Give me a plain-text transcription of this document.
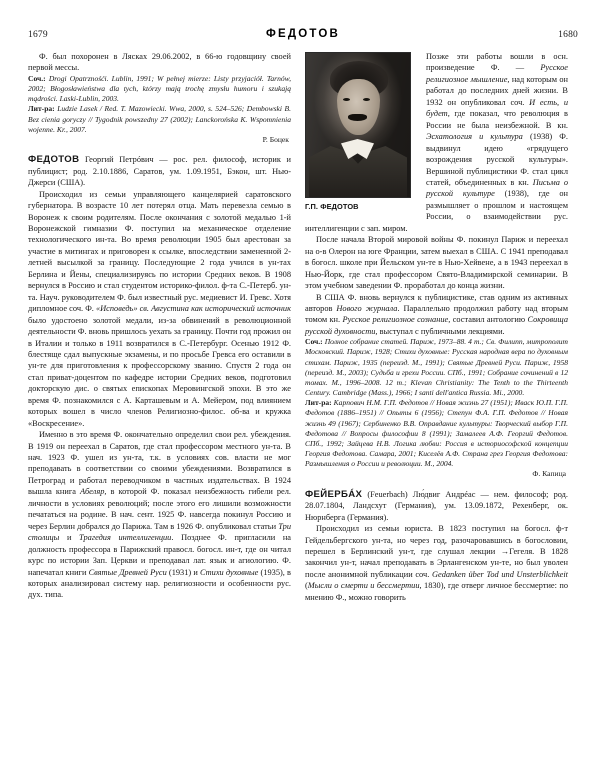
1679	ФЕДОТОВ	1680

Ф. был похоронен в Лясках 29.06.2002, в 66-ю годовщину своей первой мессы.

Соч.: Drogi Opatrznośći. Lublin, 1991; W pełnej mierze: Listy przyjaciół. Tarnów, 2002; Błogosławieństwa dla tych, którzy mają trochę zmysłu humoru i szukają mądrości. Laski-Lublin, 2003.

Лит-ра: Ludzie Lasek / Red. T. Mazowiecki. Wwa, 2000, s. 524–526; Dembowski B. Bez cienia goryczy // Tygodnik powszedny 27 (2002); Lanckorońska K. Wspomnienia wojenne. Kr., 2007.

Р. Боцек

ФЕДОТОВ Георгий Петрóвич — рос. рел. философ, историк и публицист; род. 2.10.1886, Саратов, ум. 1.09.1951, Бэкон, шт. Нью-Джерси (США).

Происходил из семьи управляющего канцелярией саратовского губернатора. В возрасте 10 лет потерял отца. Мать перевезла семью в Воронеж к своим родителям. После окончания с золотой медалью 1-й Воронежской гимназии Ф. поступил на механическое отделение технологического ин-та. Во время революции 1905 был арестован за участие в митингах и приговорен к ссылке, впоследствии замененной 2-летней высылкой за границу. Последующие 2 года учился в ун-тах Берлина и Йены, специализируясь по истории Средних веков. В 1908 вернулся в Россию и стал студентом историко-филол. ф-та С.-Петерб. ун-та. Науч. руководителем Ф. был известный рус. медиевист И. Гревс. Хотя дипломное соч. Ф. «Исповедь» св. Августина как исторический источник было удостоено золотой медали, из-за обвинений в революционной деятельности Ф. вновь пришлось уехать за границу. Почти год прожил он в Италии и только в 1911 возвратился в С.-Петербург. Осенью 1912 Ф. блестяще сдал выпускные экзамены, и по просьбе Гревса его оставили в ун-те для приготовления к профессорскому званию. Спустя 2 года он стал приват-доцентом по кафедре истории Средних веков, подготовил докторскую дис. о святых епископах Меровингской эпохи. В это же время Ф. познакомился с А. Карташевым и А. Мейером, под влиянием которых вошел в число членов Религиозно-филос. об-ва и кружка «Воскресение».

Именно в это время Ф. окончательно определил свои рел. убеждения. В 1919 он переехал в Саратов, где стал профессором местного ун-та. В нач. 1923 Ф. ушел из ун-та, т.к. в условиях сов. власти не мог преподавать в соответствии со своими убеждениями. Возвратился в Петроград и работал переводчиком в частных издательствах. В 1924 вышла книга Абеляр, в которой Ф. показал неизбежность гибели рел. личности в условиях революций; после этого его лишили возможности печататься на родине. В нач. сент. 1925 Ф. навсегда покинул Россию и через Берлин добрался до Парижа. Там в 1926 Ф. опубликовал статьи Три столицы и Трагедия интеллигенции. Позднее Ф. пригласили на должность профессора в Парижский правосл. богосл. ин-т, где он читал курс по истории Зап. Церкви и преподавал лат. язык и агиологию. Ф. напечатал книги Святые Древней Руси (1931) и Стихи духовные (1935), в которых анализировал систему нар. религиозности и особенности рус. дух. типа.

Г.П. ФЕДОТОВ

Позже эти работы вошли в осн. произведение Ф. — Русское религиозное мышление, над которым он работал до последних дней жизни. В 1932 он опубликовал соч. И есть, и будет, где показал, что революция в России не была неизбежной. В кн. Эсхатология и культура (1938) Ф. выдвинул идею «грядущего возрождения русской культуры». Вершиной публицистики Ф. стал цикл статей, объединенных в кн. Письма о русской культуре (1938), где он размышляет о прошлом и настоящем России, о взаимодействии рус. интеллигенции с зап. миром.

После начала Второй мировой войны Ф. покинул Париж и переехал на о-в Олерон на юге Франции, затем выехал в США. С 1941 преподавал в богосл. школе при Йельском ун-те в Нью-Хейвене, а в 1943 переехал в Нью-Йорк, где стал профессором Свято-Владимирской семинарии. В этом учебном заведении Ф. проработал до конца жизни.

В США Ф. вновь вернулся к публицистике, став одним из активных авторов Нового журнала. Параллельно продолжил работу над вторым томом кн. Русское религиозное сознание, составил антологию Сокровища русской духовности, выступал с публичными лекциями.

Соч.: Полное собрание статей. Париж, 1973–88. 4 т.; Св. Филипп, митрополит Московский. Париж, 1928; Стихи духовные: Русская народная вера по духовным стихам. Париж, 1935 (переизд. М., 1991); Святые Древней Руси. Париж, 1958 (переизд. М., 2003); Судьба и грехи России. СПб., 1991; Собрание сочинений в 12 томах. М., 1996–2008. 12 т.; Klevan Christianity: The Tenth to the Thirteenth Century. Cambridge (Mass.), 1966; I santi dell'antica Russia. Mi., 2000.

Лит-ра: Карпович Н.М. Г.П. Федотов // Новая жизнь 27 (1951); Иваск Ю.П. Г.П. Федотов (1886–1951) // Опыты 6 (1956); Степун Ф.А. Г.П. Федотов // Новая жизнь 49 (1967); Сербиненко В.В. Оправдание культуры: Творческий выбор Г.П. Федотова // Вопросы философии 8 (1991); Замалеев А.Ф. Георгий Федотов. СПб., 1992; Зайцева Н.В. Логика любви: Россия в историософской концепции Георгия Федотова. Самара, 2001; Киселёв А.Ф. Страна грез Георгия Федотова: Размышления о России и революции. М., 2004.

Ф. Капица

ФЕЙЕРБÁХ (Feuerbach) Лю́двиг Андрéас — нем. философ; род. 28.07.1804, Ландсхут (Германия), ум. 13.09.1872, Рехенберг, ок. Нюрнберга (Германия).

Происходил из семьи юриста. В 1823 поступил на богосл. ф-т Гейдельбергского ун-та, но через год, разочаровавшись в богословии, перешел в Берлинский ун-т, где слушал лекции →Гегеля. В 1828 закончил ун-т, начал преподавать в Эрлангенском ун-те, но был уволен после анонимной публикации соч. Gedanken über Tod und Unsterblichkeit (Мысли о смерти и бессмертии, 1830), где отверг личное бессмертие: по мнению Ф., можно говорить
